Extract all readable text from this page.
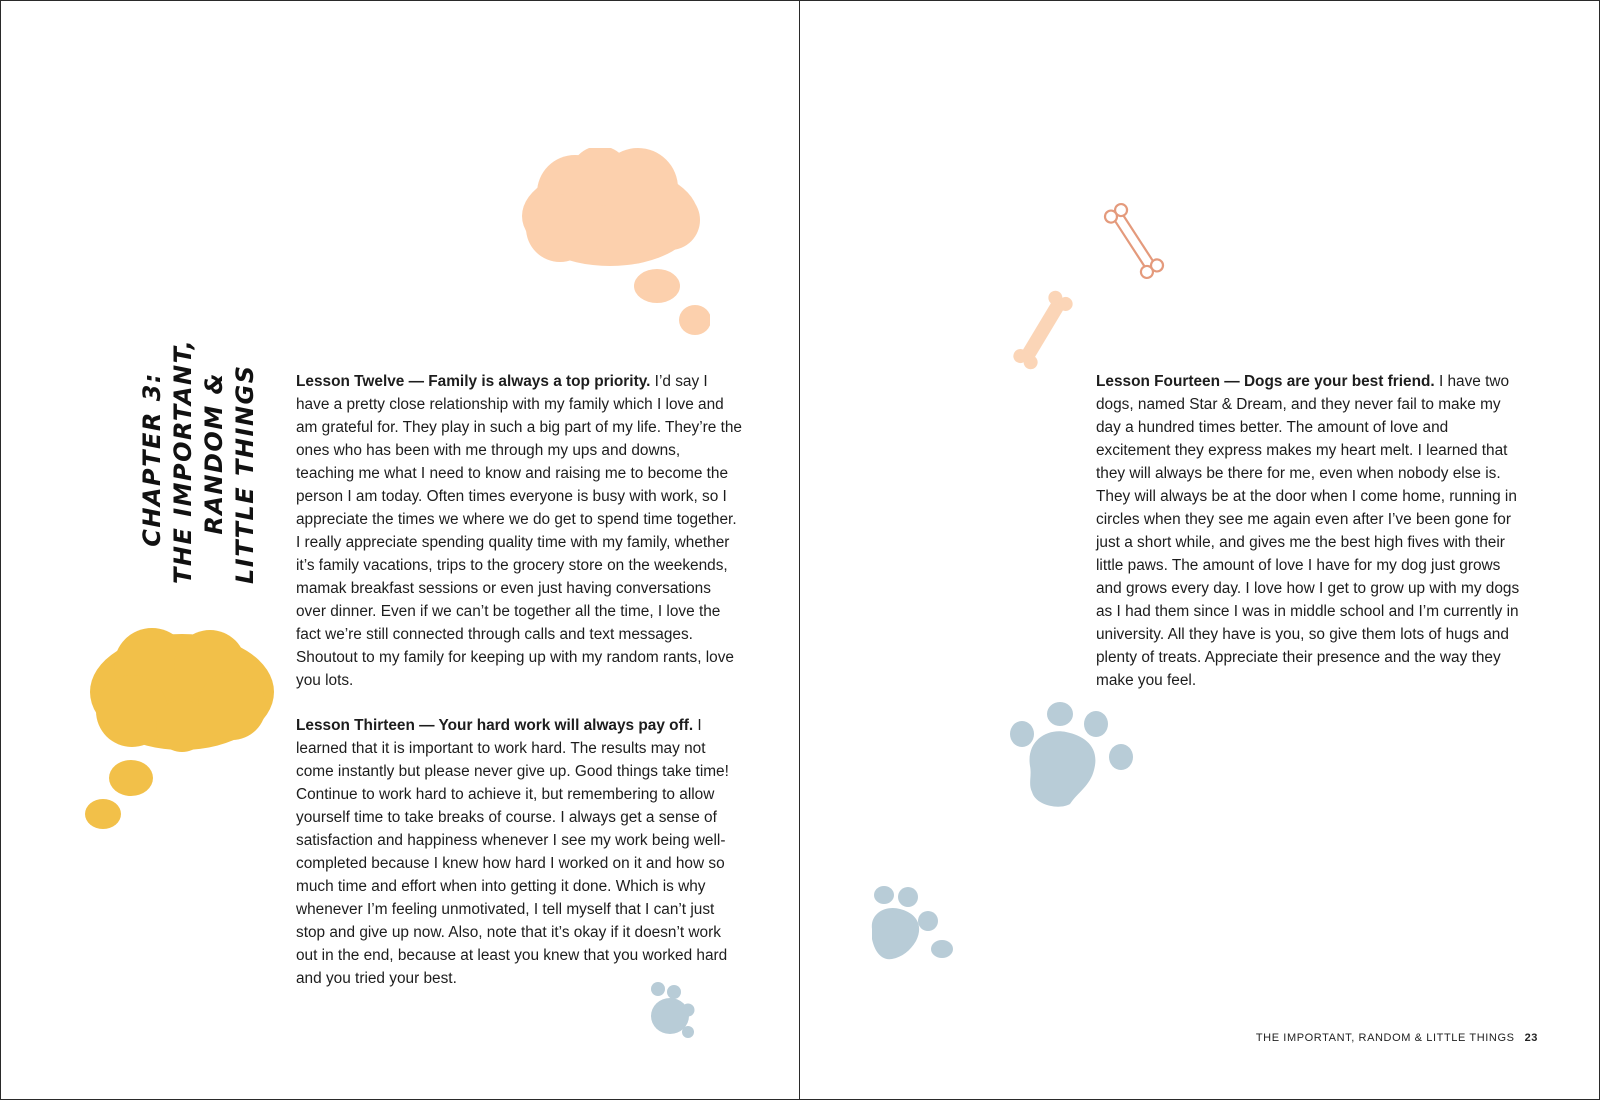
CHAPTER 3: THE IMPORTANT, RANDOM & LITTLE THINGS Lesson Twelve — Family is always a top priority. I’d say I have a pretty close relationship with my family which I love and am grateful for. They play in such a big part of my life. They’re the ones who has been with me through my ups and downs, teaching me what I need to know and raising me to become the person I am today. Often times everyone is busy with work, so I appreciate the times we where we do get to spend time together. I really appreciate spending quality time with my family, whether it’s family vacations, trips to the grocery store on the weekends, mamak breakfast sessions or even just having conversations over dinner. Even if we can’t be together all the time, I love the fact we’re still connected through calls and text messages. Shoutout to my family for keeping up with my random rants, love you lots.

Lesson Thirteen — Your hard work will always pay off. I learned that it is important to work hard. The results may not come instantly but please never give up. Good things take time! Continue to work hard to achieve it, but remembering to allow yourself time to take breaks of course. I always get a sense of satisfaction and happiness whenever I see my work being well-completed because I knew how hard I worked on it and how so much time and effort when into getting it done. Which is why whenever I’m feeling unmotivated, I tell myself that I can’t just stop and give up now. Also, note that it’s okay if it doesn’t work out in the end, because at least you knew that you worked hard and you tried your best.

Lesson Fourteen — Dogs are your best friend. I have two dogs, named Star & Dream, and they never fail to make my day a hundred times better. The amount of love and excitement they express makes my heart melt. I learned that they will always be there for me, even when nobody else is. They will always be at the door when I come home, running in circles when they see me again even after I’ve been gone for just a short while, and gives me the best high fives with their little paws. The amount of love I have for my dog just grows and grows every day. I love how I get to grow up with my dogs as I had them since I was in middle school and I’m currently in university. All they have is you, so give them lots of hugs and plenty of treats. Appreciate their presence and the way they make you feel.

THE IMPORTANT, RANDOM & LITTLE THINGS 23
